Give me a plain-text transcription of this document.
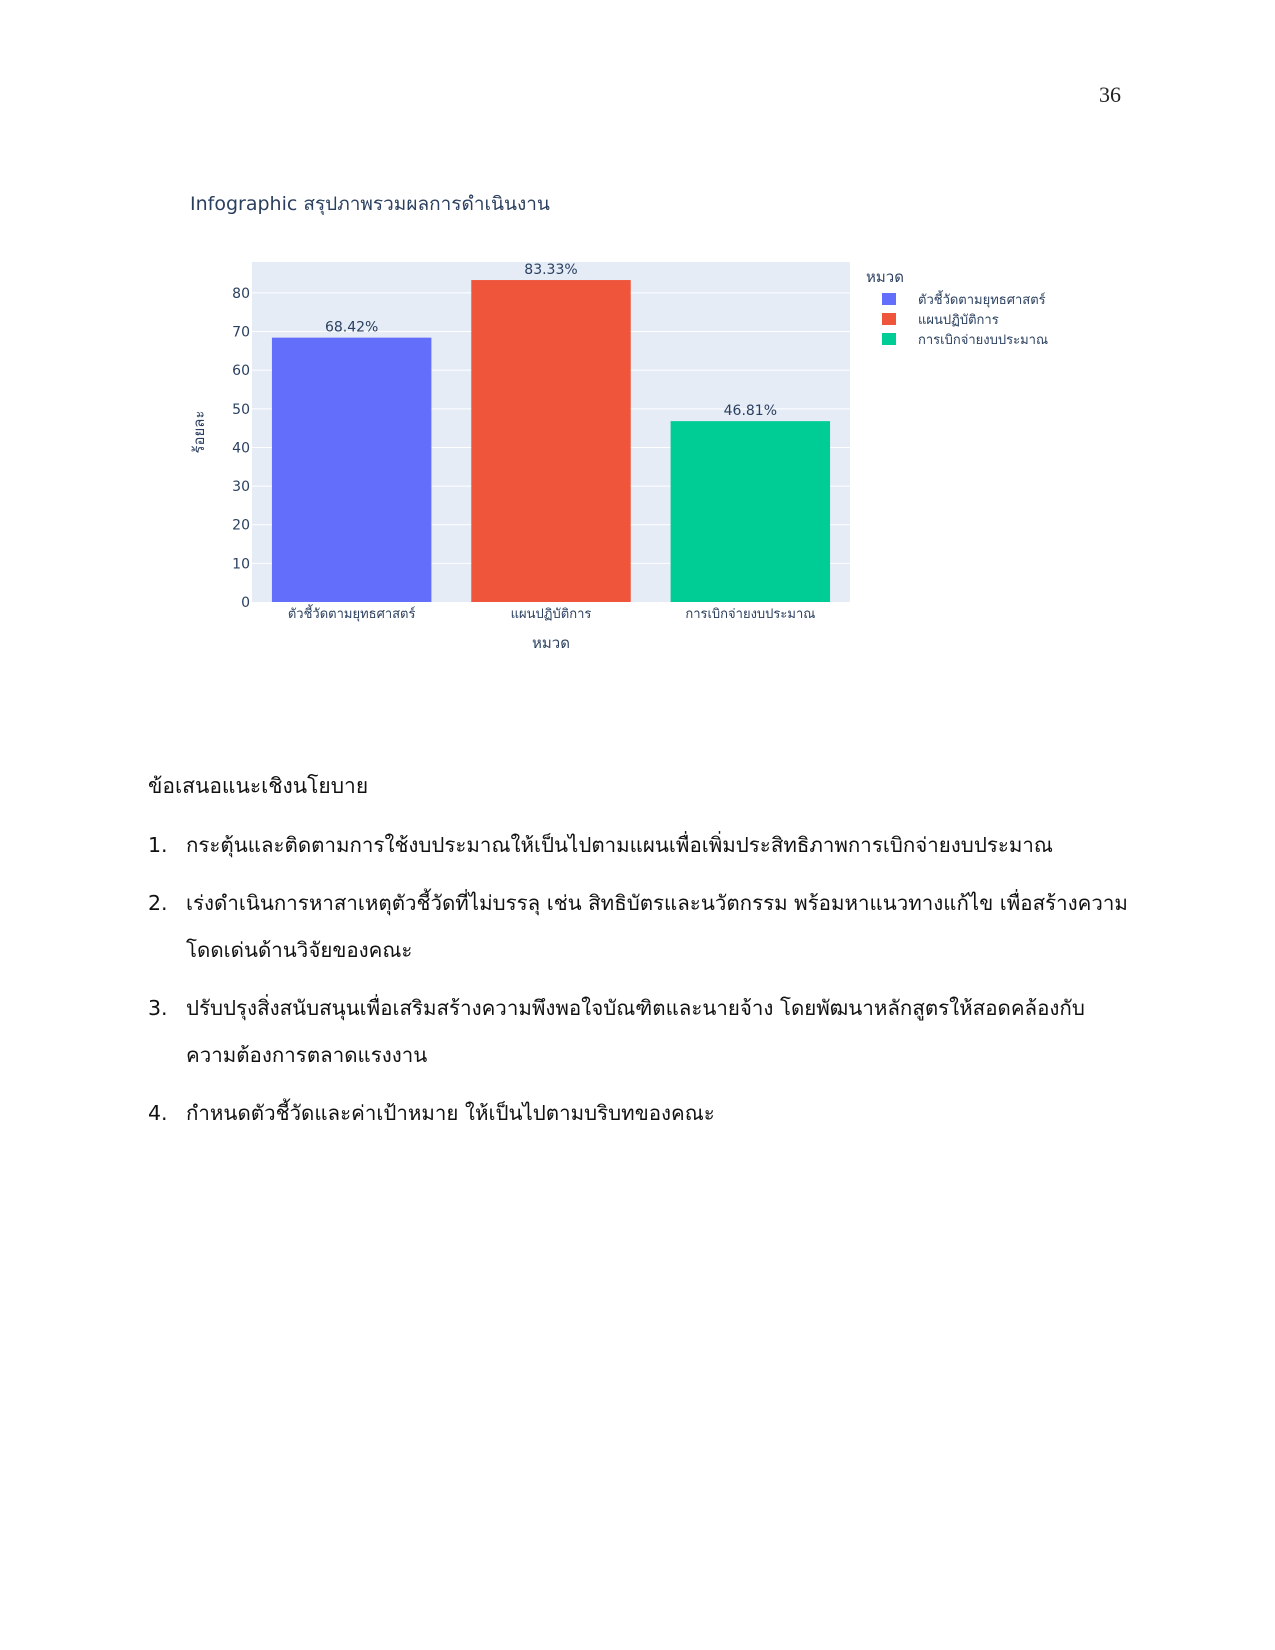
36
Infographic สรุปภาพรวมผลการดำเนินงาน
0
10
20
30
40
50
60
70
80
68.42%
ตัวชี้วัดตามยุทธศาสตร์
83.33%
แผนปฏิบัติการ
46.81%
การเบิกจ่ายงบประมาณ
หมวด
ร้อยละ
หมวด
ตัวชี้วัดตามยุทธศาสตร์
แผนปฏิบัติการ
การเบิกจ่ายงบประมาณ
ข้อเสนอแนะเชิงนโยบาย
1. กระตุ้นและติดตามการใช้งบประมาณให้เป็นไปตามแผนเพื่อเพิ่มประสิทธิภาพการเบิกจ่ายงบประมาณ
2. เร่งดำเนินการหาสาเหตุตัวชี้วัดที่ไม่บรรลุ เช่น สิทธิบัตรและนวัตกรรม พร้อมหาแนวทางแก้ไข เพื่อสร้างความโดดเด่นด้านวิจัยของคณะ
3. ปรับปรุงสิ่งสนับสนุนเพื่อเสริมสร้างความพึงพอใจบัณฑิตและนายจ้าง โดยพัฒนาหลักสูตรให้สอดคล้องกับความต้องการตลาดแรงงาน
4. กำหนดตัวชี้วัดและค่าเป้าหมาย ให้เป็นไปตามบริบทของคณะ
